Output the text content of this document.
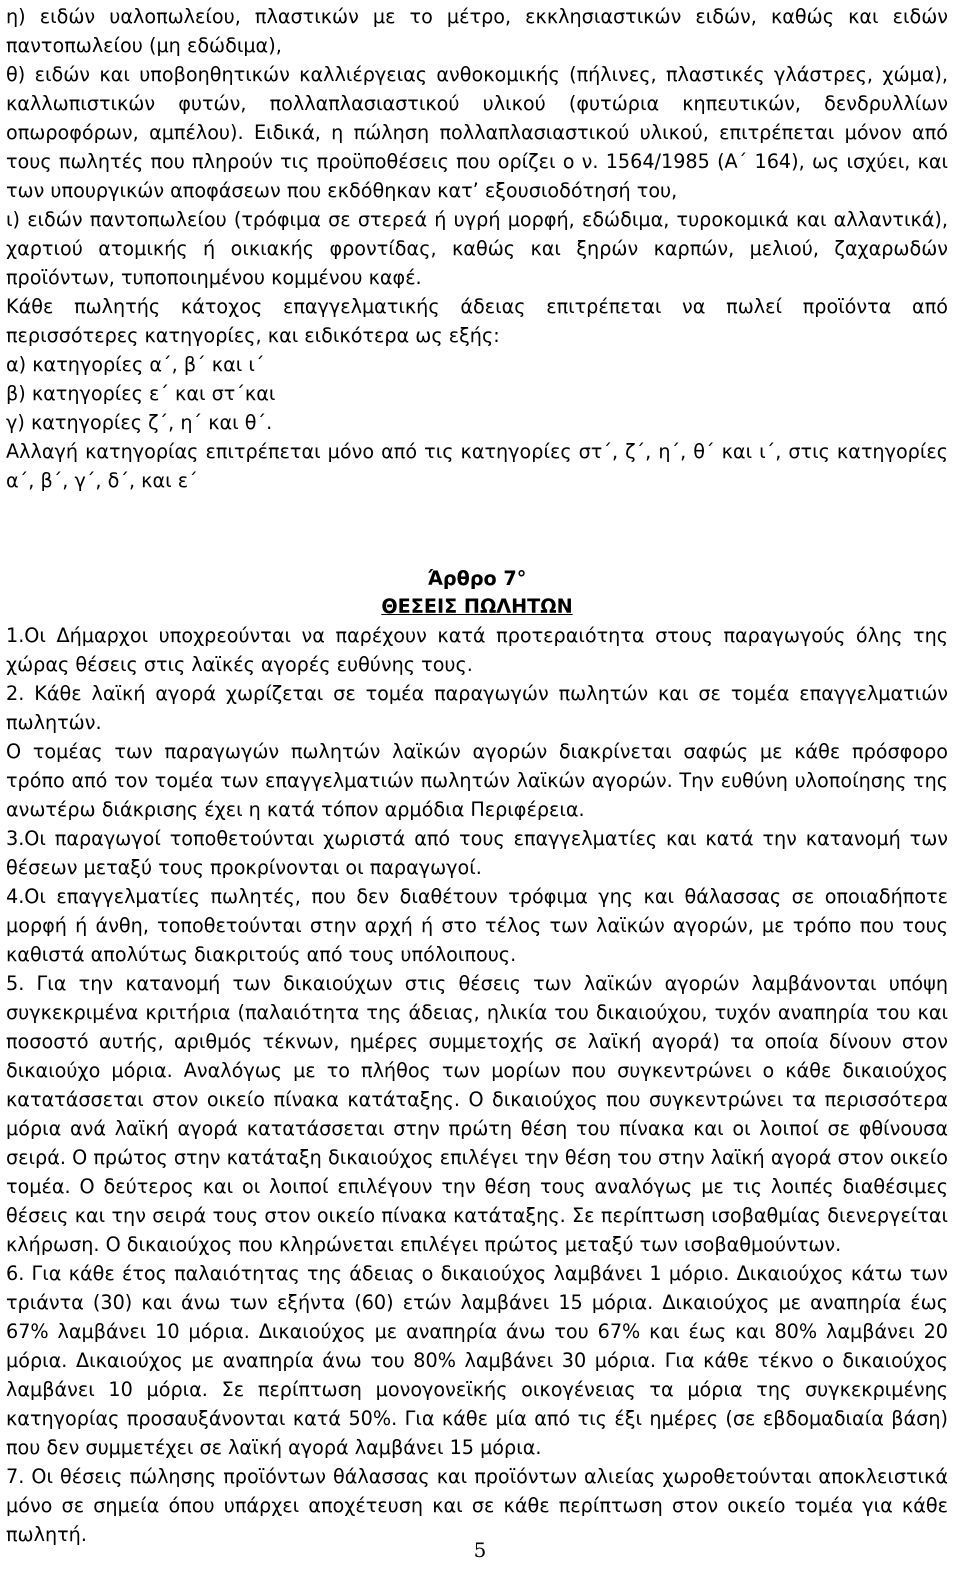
η) ειδών υαλοπωλείου, πλαστικών με το μέτρο, εκκλησιαστικών ειδών, καθώς και ειδών παντοπωλείου (μη εδώδιμα),

θ) ειδών και υποβοηθητικών καλλιέργειας ανθοκομικής (πήλινες, πλαστικές γλάστρες, χώμα), καλλωπιστικών φυτών, πολλαπλασιαστικού υλικού (φυτώρια κηπευτικών, δενδρυλλίων οπωροφόρων, αμπέλου). Ειδικά, η πώληση πολλαπλασιαστικού υλικού, επιτρέπεται μόνον από τους πωλητές που πληρούν τις προϋποθέσεις που ορίζει ο ν. 1564/1985 (Α΄ 164), ως ισχύει, και των υπουργικών αποφάσεων που εκδόθηκαν κατ’ εξουσιοδότησή του,

ι) ειδών παντοπωλείου (τρόφιμα σε στερεά ή υγρή μορφή, εδώδιμα, τυροκομικά και αλλαντικά), χαρτιού ατομικής ή οικιακής φροντίδας, καθώς και ξηρών καρπών, μελιού, ζαχαρωδών προϊόντων, τυποποιημένου κομμένου καφέ.

Κάθε πωλητής κάτοχος επαγγελματικής άδειας επιτρέπεται να πωλεί προϊόντα από περισσότερες κατηγορίες, και ειδικότερα ως εξής:

α) κατηγορίες α΄, β΄ και ι΄

β) κατηγορίες ε΄ και στ΄και

γ) κατηγορίες ζ΄, η΄ και θ΄.

Αλλαγή κατηγορίας επιτρέπεται μόνο από τις κατηγορίες στ΄, ζ΄, η΄, θ΄ και ι΄, στις κατηγορίες α΄, β΄, γ΄, δ΄, και ε΄

Άρθρο 7°

ΘΕΣΕΙΣ ΠΩΛΗΤΩΝ

1.Οι Δήμαρχοι υποχρεούνται να παρέχουν κατά προτεραιότητα στους παραγωγούς όλης της χώρας θέσεις στις λαϊκές αγορές ευθύνης τους.

2. Κάθε λαϊκή αγορά χωρίζεται σε τομέα παραγωγών πωλητών και σε τομέα επαγγελματιών πωλητών.

Ο τομέας των παραγωγών πωλητών λαϊκών αγορών διακρίνεται σαφώς με κάθε πρόσφορο τρόπο από τον τομέα των επαγγελματιών πωλητών λαϊκών αγορών. Την ευθύνη υλοποίησης της ανωτέρω διάκρισης έχει η κατά τόπον αρμόδια Περιφέρεια.

3.Οι παραγωγοί τοποθετούνται χωριστά από τους επαγγελματίες και κατά την κατανομή των θέσεων μεταξύ τους προκρίνονται οι παραγωγοί.

4.Οι επαγγελματίες πωλητές, που δεν διαθέτουν τρόφιμα γης και θάλασσας σε οποιαδήποτε μορφή ή άνθη, τοποθετούνται στην αρχή ή στο τέλος των λαϊκών αγορών, με τρόπο που τους καθιστά απολύτως διακριτούς από τους υπόλοιπους.

5. Για την κατανομή των δικαιούχων στις θέσεις των λαϊκών αγορών λαμβάνονται υπόψη συγκεκριμένα κριτήρια (παλαιότητα της άδειας, ηλικία του δικαιούχου, τυχόν αναπηρία του και ποσοστό αυτής, αριθμός τέκνων, ημέρες συμμετοχής σε λαϊκή αγορά) τα οποία δίνουν στον δικαιούχο μόρια. Αναλόγως με το πλήθος των μορίων που συγκεντρώνει ο κάθε δικαιούχος κατατάσσεται στον οικείο πίνακα κατάταξης. Ο δικαιούχος που συγκεντρώνει τα περισσότερα μόρια ανά λαϊκή αγορά κατατάσσεται στην πρώτη θέση του πίνακα και οι λοιποί σε φθίνουσα σειρά. Ο πρώτος στην κατάταξη δικαιούχος επιλέγει την θέση του στην λαϊκή αγορά στον οικείο τομέα. Ο δεύτερος και οι λοιποί επιλέγουν την θέση τους αναλόγως με τις λοιπές διαθέσιμες θέσεις και την σειρά τους στον οικείο πίνακα κατάταξης. Σε περίπτωση ισοβαθμίας διενεργείται κλήρωση. Ο δικαιούχος που κληρώνεται επιλέγει πρώτος μεταξύ των ισοβαθμούντων.

6. Για κάθε έτος παλαιότητας της άδειας ο δικαιούχος λαμβάνει 1 μόριο. Δικαιούχος κάτω των τριάντα (30) και άνω των εξήντα (60) ετών λαμβάνει 15 μόρια. Δικαιούχος με αναπηρία έως 67% λαμβάνει 10 μόρια. Δικαιούχος με αναπηρία άνω του 67% και έως και 80% λαμβάνει 20 μόρια. Δικαιούχος με αναπηρία άνω του 80% λαμβάνει 30 μόρια. Για κάθε τέκνο ο δικαιούχος λαμβάνει 10 μόρια. Σε περίπτωση μονογονεϊκής οικογένειας τα μόρια της συγκεκριμένης κατηγορίας προσαυξάνονται κατά 50%. Για κάθε μία από τις έξι ημέρες (σε εβδομαδιαία βάση) που δεν συμμετέχει σε λαϊκή αγορά λαμβάνει 15 μόρια.

7. Οι θέσεις πώλησης προϊόντων θάλασσας και προϊόντων αλιείας χωροθετούνται αποκλειστικά μόνο σε σημεία όπου υπάρχει αποχέτευση και σε κάθε περίπτωση στον οικείο τομέα για κάθε πωλητή.

5
